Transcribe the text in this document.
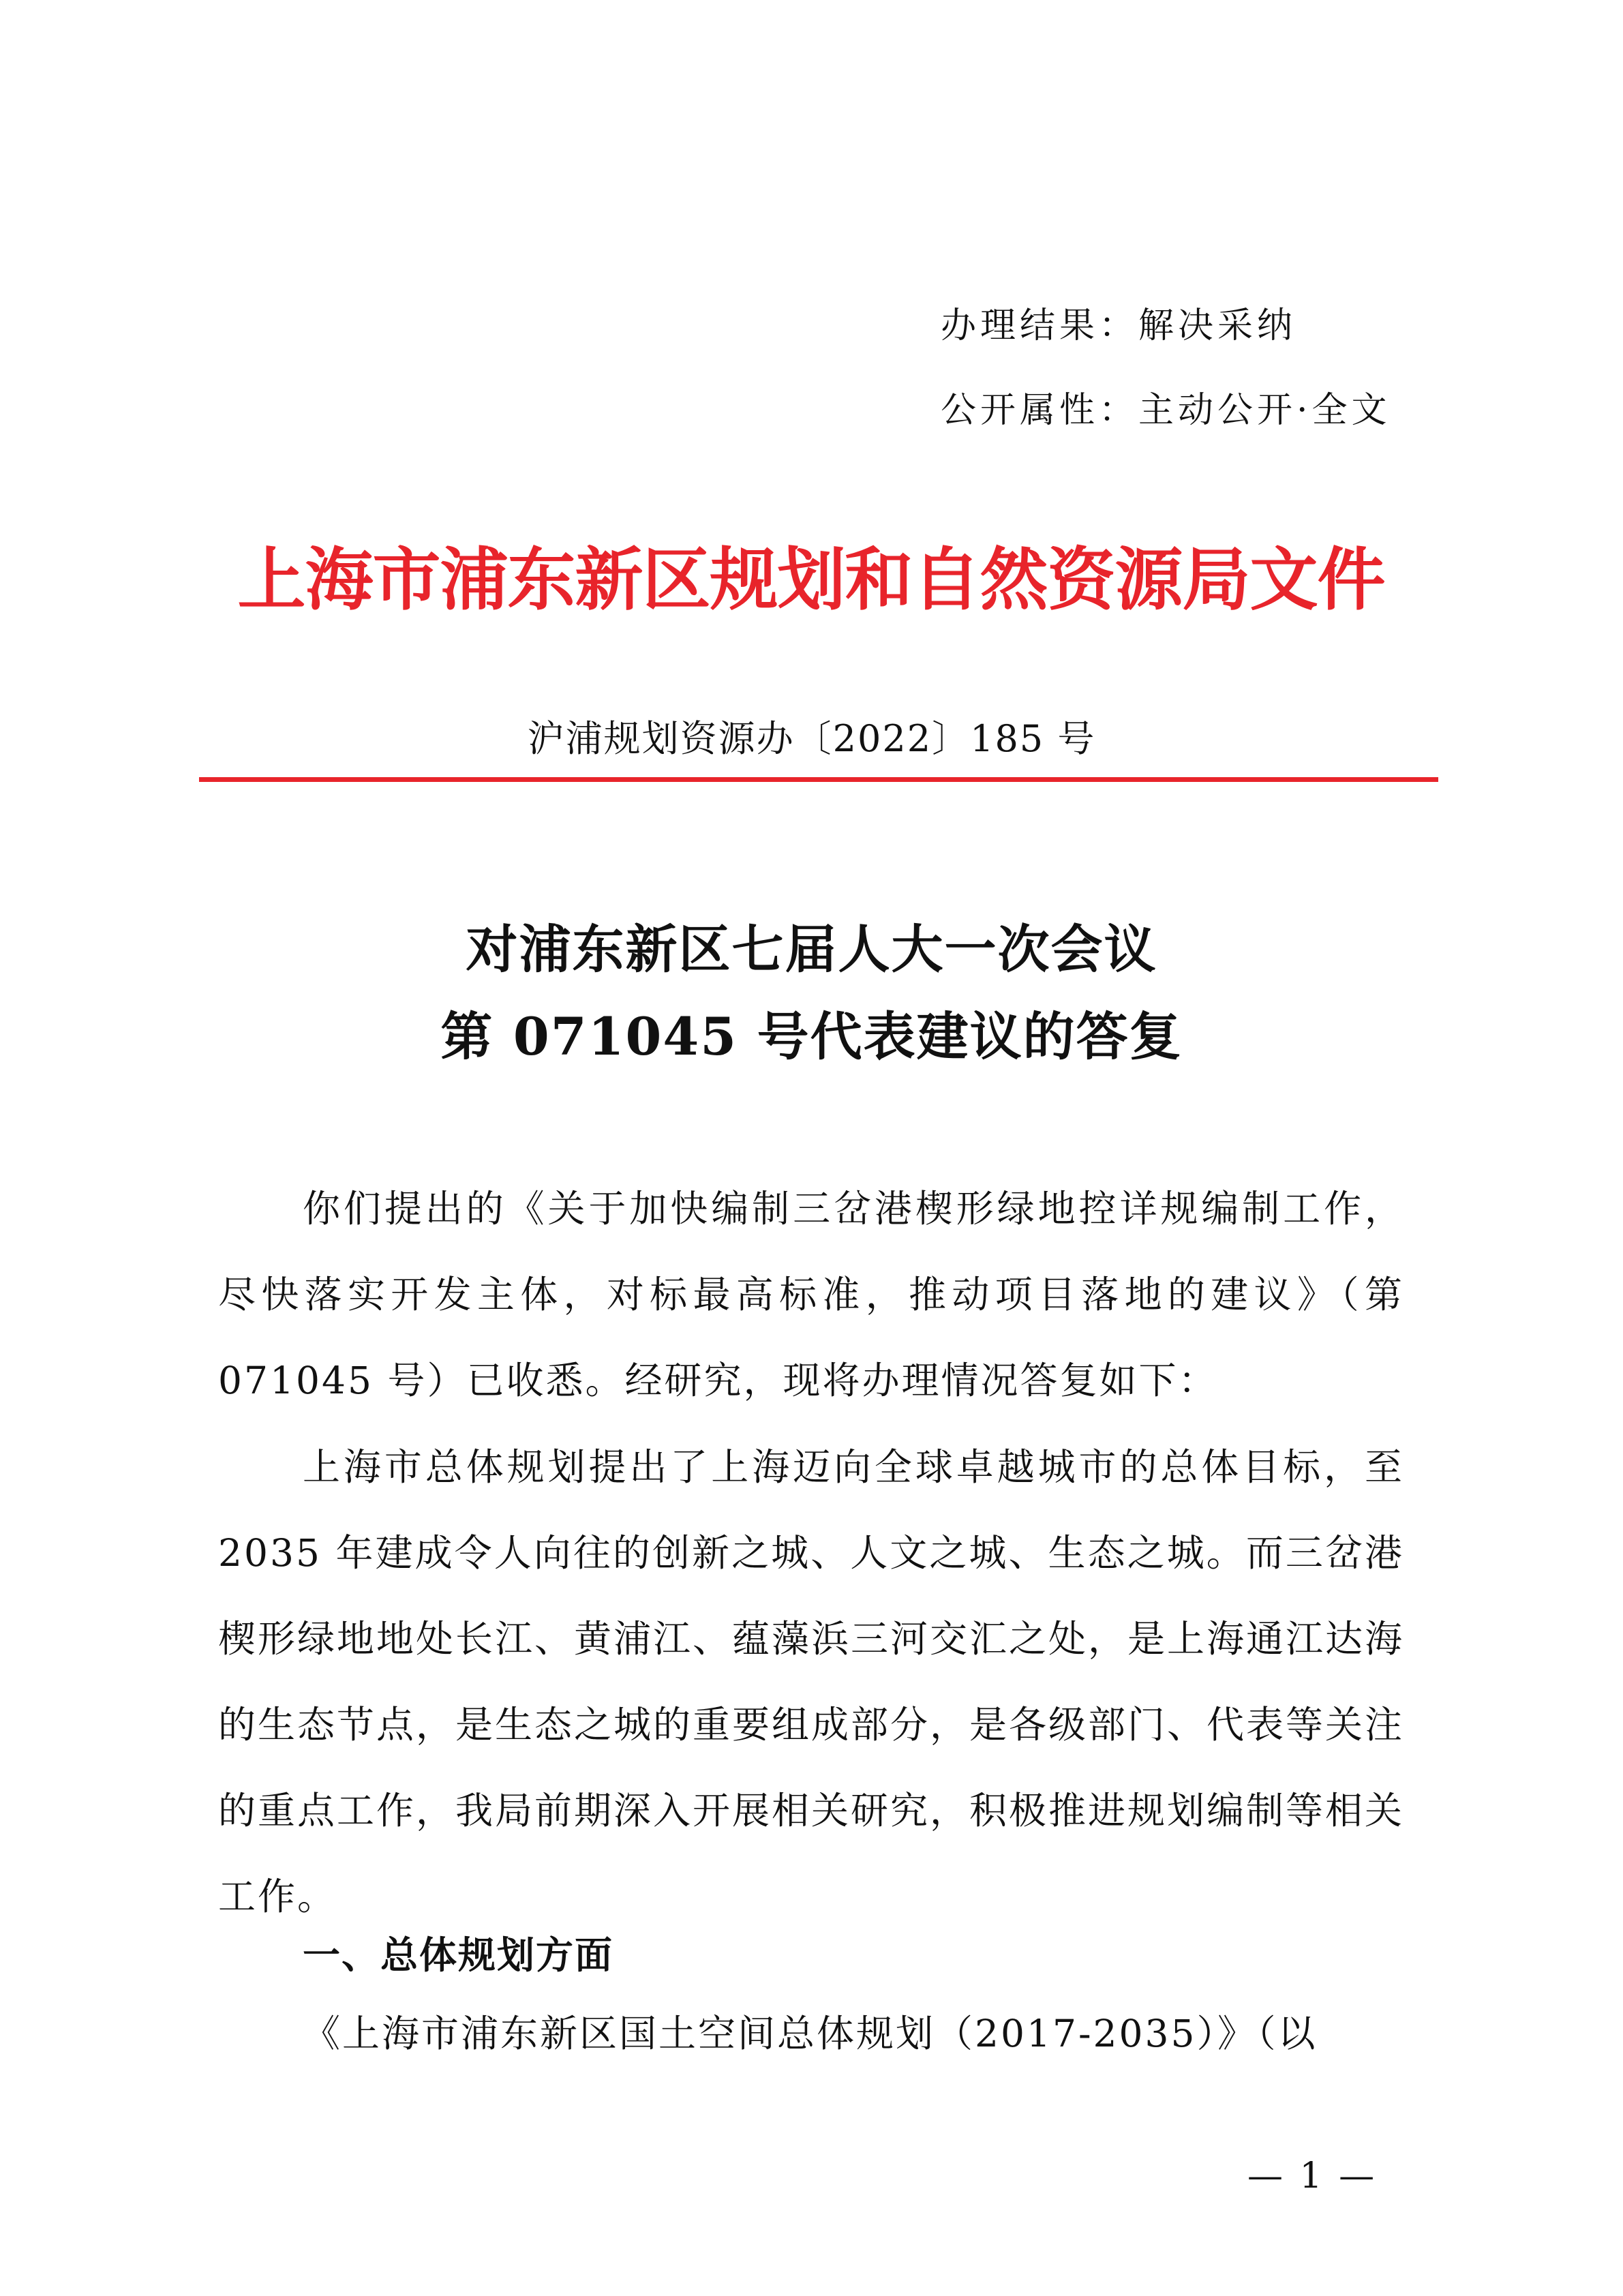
办理结果：解决采纳
公开属性：主动公开·全文
上海市浦东新区规划和自然资源局文件
沪浦规划资源办〔2022〕185 号
对浦东新区七届人大一次会议
第 071045 号代表建议的答复

你们提出的《关于加快编制三岔港楔形绿地控详规编制工作，尽快落实开发主体，对标最高标准，推动项目落地的建议》（第 071045 号）已收悉。经研究，现将办理情况答复如下：

上海市总体规划提出了上海迈向全球卓越城市的总体目标，至 2035 年建成令人向往的创新之城、人文之城、生态之城。而三岔港楔形绿地地处长江、黄浦江、蕴藻浜三河交汇之处，是上海通江达海的生态节点，是生态之城的重要组成部分，是各级部门、代表等关注的重点工作，我局前期深入开展相关研究，积极推进规划编制等相关工作。

一、总体规划方面

《上海市浦东新区国土空间总体规划（2017-2035）》（以

— 1 —
